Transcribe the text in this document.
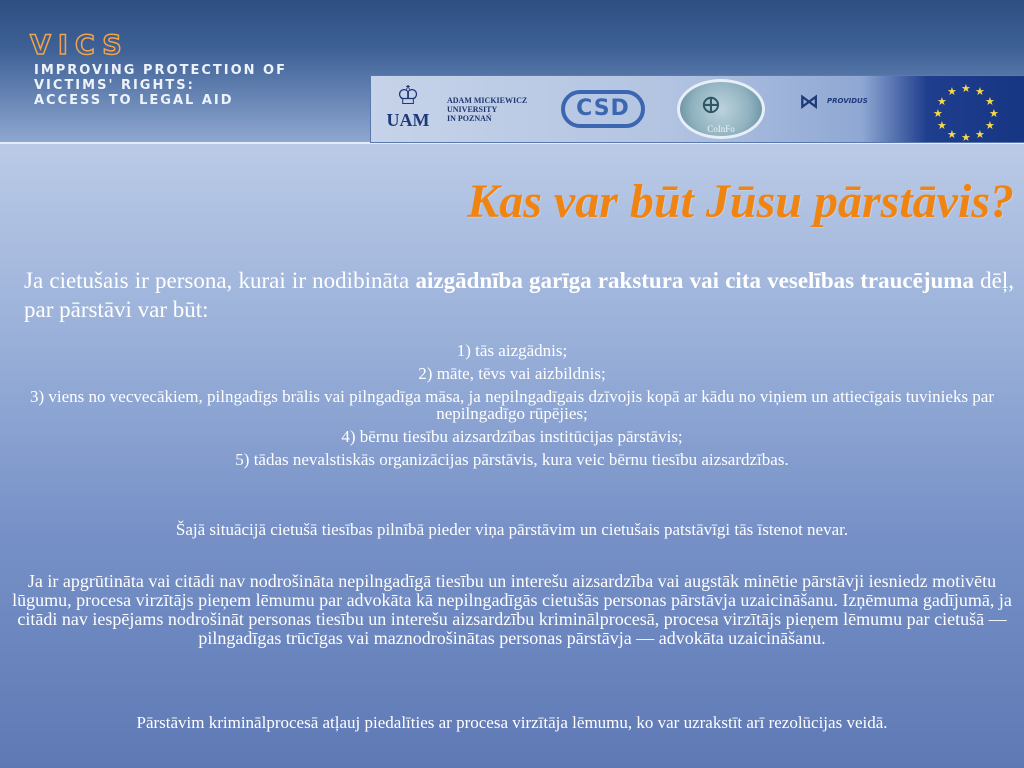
VICS
IMPROVING PROTECTION OF
VICTIMS' RIGHTS:
ACCESS TO LEGAL AID	♔
UAM
ADAM MICKIEWICZ
UNIVERSITY
IN POZNAŃ	CSD	⊕
CoInFo
⋈ PROVIDUS
★ ★
★
★
★
★
★
★
★
★
★
★
Kas var būt Jūsu pārstāvis?

Ja cietušais ir persona, kurai ir nodibināta aizgādnība garīga rakstura vai cita veselības traucējuma dēļ, par pārstāvi var būt:

1) tās aizgādnis;
2) māte, tēvs vai aizbildnis;
3) viens no vecvecākiem, pilngadīgs brālis vai pilngadīga māsa, ja nepilngadīgais dzīvojis kopā ar kādu no viņiem un attiecīgais tuvinieks par nepilngadīgo rūpējies;
4) bērnu tiesību aizsardzības institūcijas pārstāvis;
5) tādas nevalstiskās organizācijas pārstāvis, kura veic bērnu tiesību aizsardzības.

Šajā situācijā cietušā tiesības pilnībā pieder viņa pārstāvim un cietušais patstāvīgi tās īstenot nevar.

Ja ir apgrūtināta vai citādi nav nodrošināta nepilngadīgā tiesību un interešu aizsardzība vai augstāk minētie pārstāvji iesniedz motivētu lūgumu, procesa virzītājs pieņem lēmumu par advokāta kā nepilngadīgās cietušās personas pārstāvja uzaicināšanu. Izņēmuma gadījumā, ja citādi nav iespējams nodrošināt personas tiesību un interešu aizsardzību kriminālprocesā, procesa virzītājs pieņem lēmumu par cietušā — pilngadīgas trūcīgas vai maznodrošinātas personas pārstāvja — advokāta uzaicināšanu.

Pārstāvim kriminālprocesā atļauj piedalīties ar procesa virzītāja lēmumu, ko var uzrakstīt arī rezolūcijas veidā.
